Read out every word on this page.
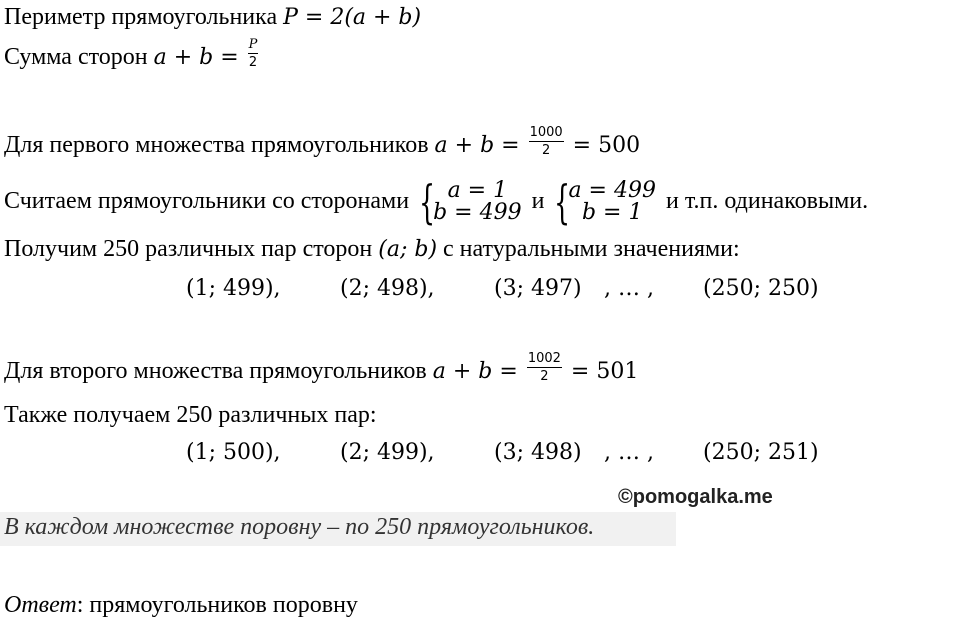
Периметр прямоугольника P = 2(a + b)
Сумма сторон $a + b = \frac{P}{2}$
Для первого множества прямоугольников $a + b = \frac{1000}{2} = 500$
Считаем прямоугольники со сторонами { a = 1
b = 499 и {
a = 499
b = 1 и т.п. одинаковыми.
Получим 250 различных пар сторон (a; b) с натуральными значениями:
(1; 499),	(2; 498),	(3; 497) , … , (250; 250)
Для второго множества прямоугольников $a + b = \frac{1002}{2} = 501$
Также получаем 250 различных пар:
(1; 500),	(2; 499),	(3; 498) , … , (250; 251)
©pomogalka.me
В каждом множестве поровну – по 250 прямоугольников.
Ответ: прямоугольников поровну
